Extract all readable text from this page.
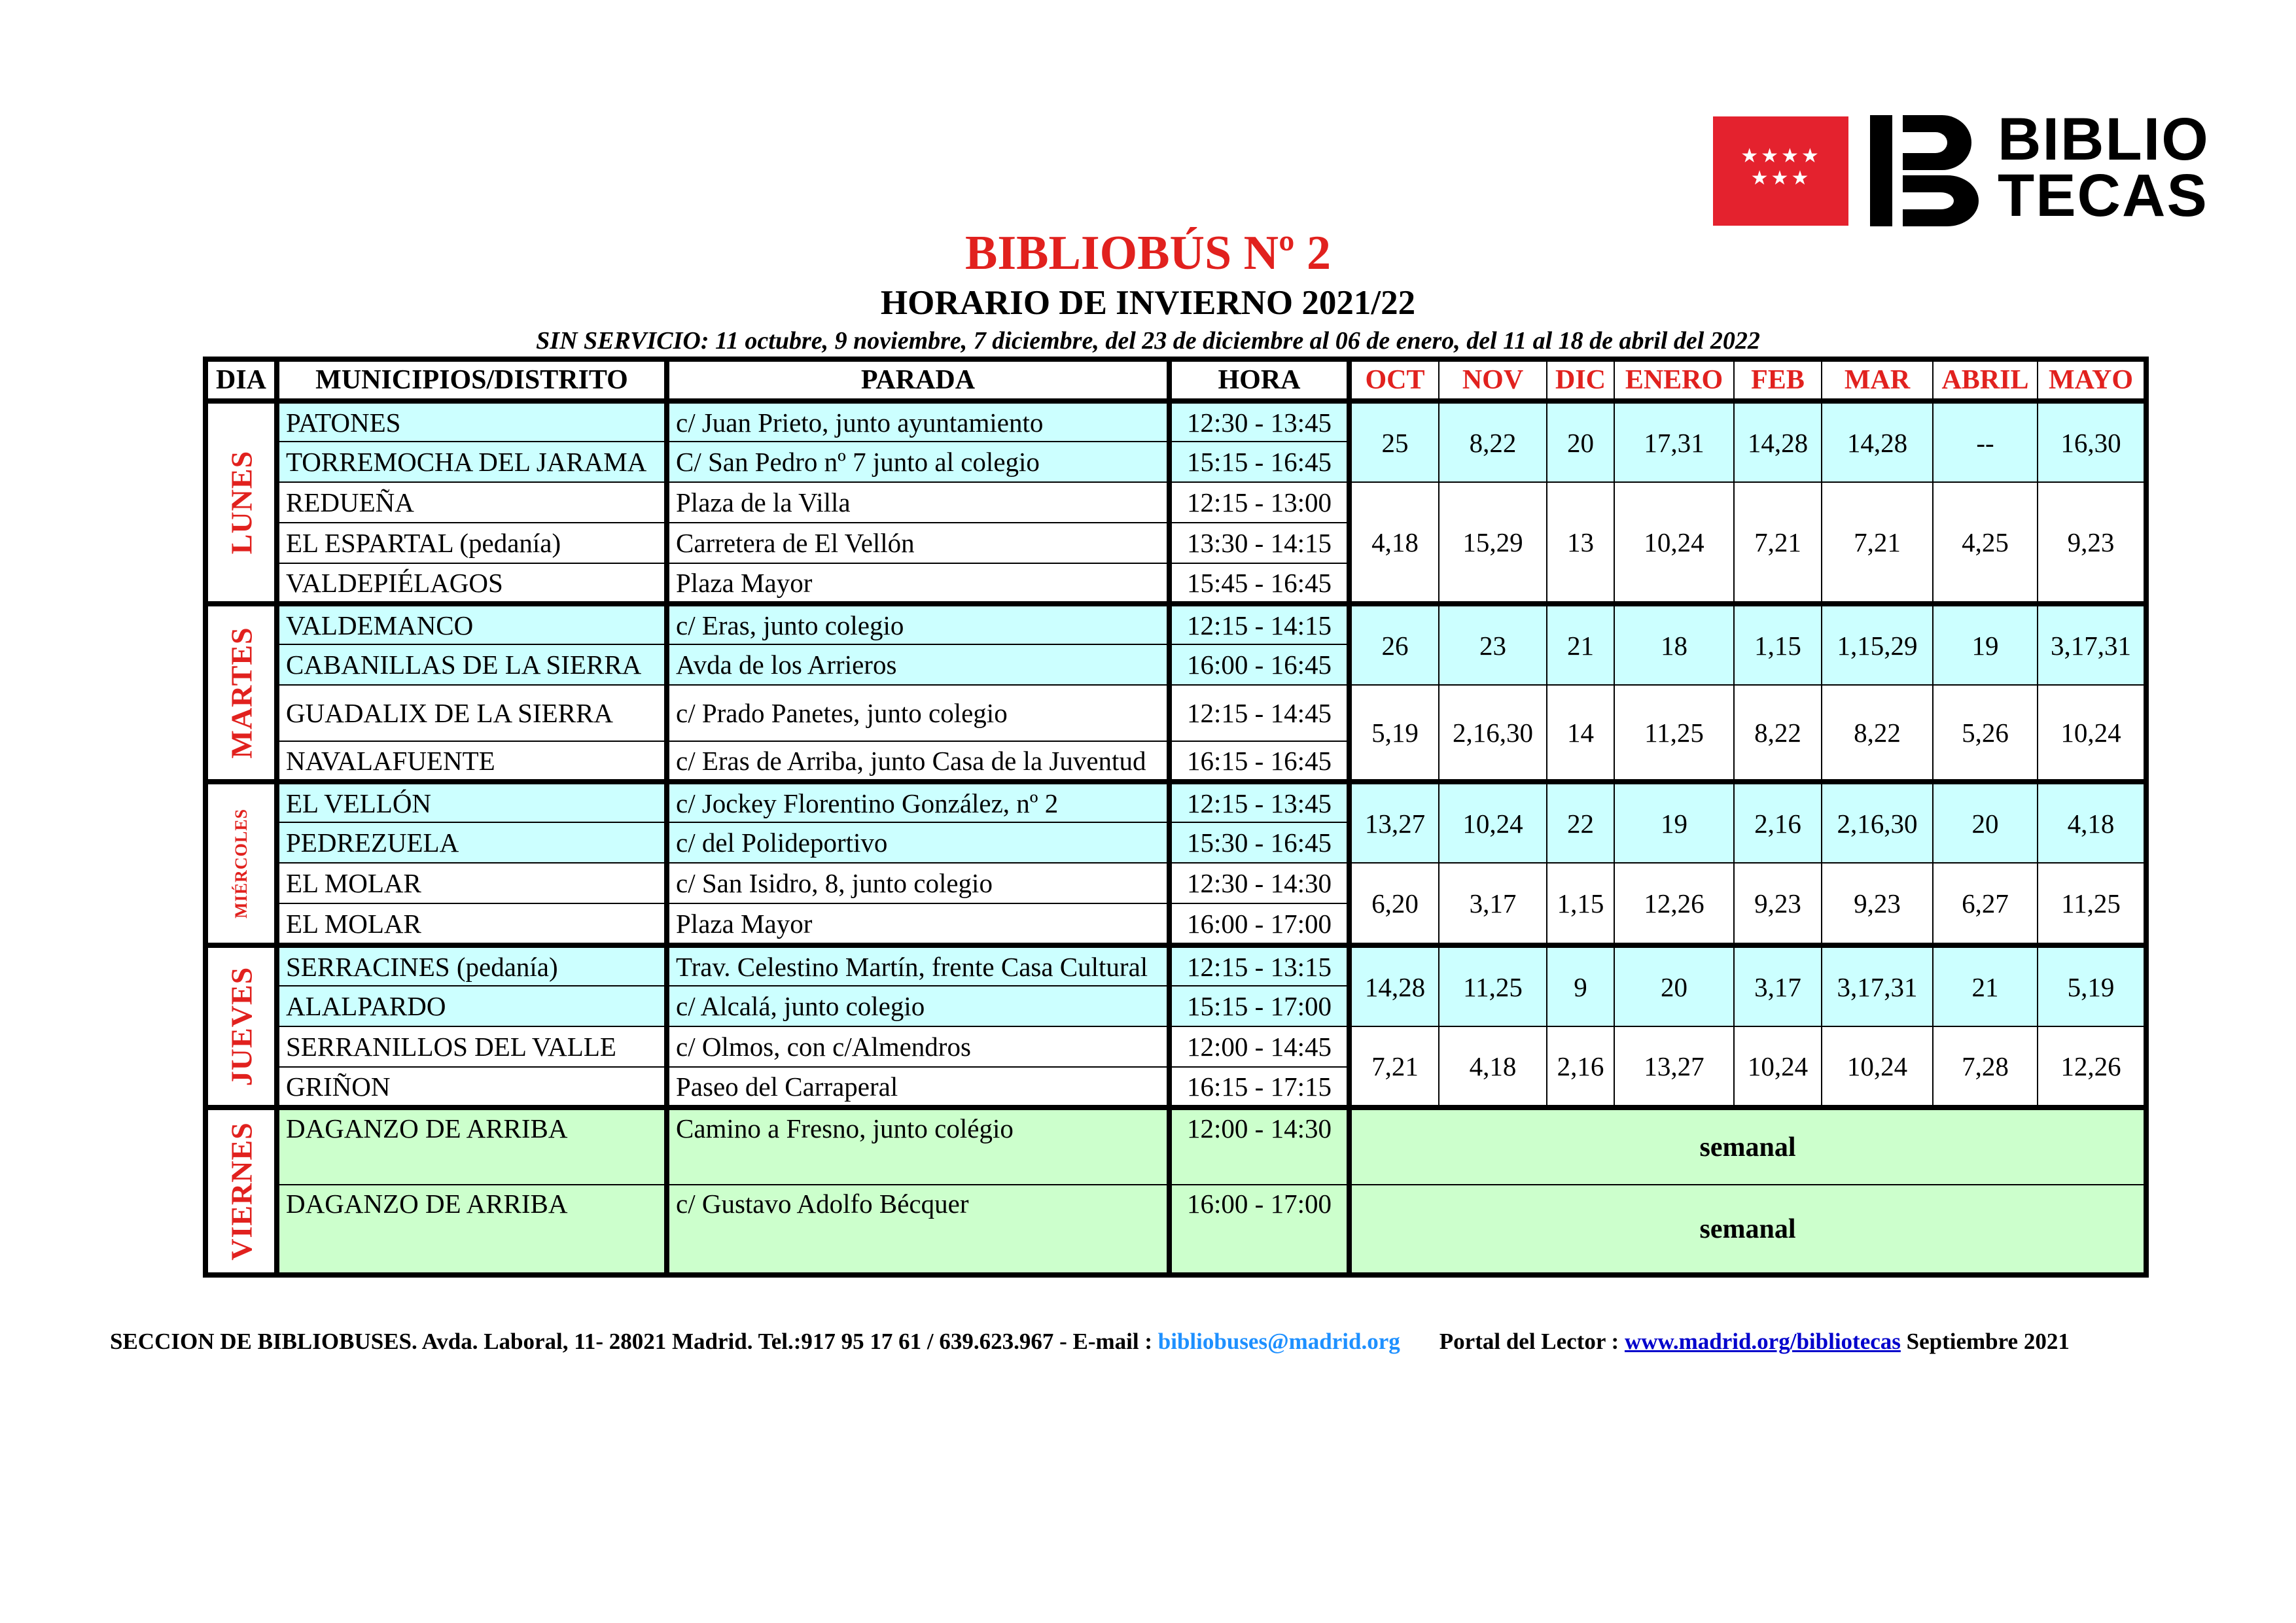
★★★★
★★★
BIBLIO
TECAS
BIBLIOBÚS Nº 2
HORARIO DE INVIERNO 2021/22
SIN SERVICIO: 11 octubre, 9 noviembre, 7 diciembre, del 23 de diciembre al 06 de enero, del 11 al 18 de abril del 2022
DIA	MUNICIPIOS/DISTRITO	PARADA	HORA	OCT	NOV	DIC	ENERO	FEB	MAR	ABRIL	MAYO

LUNES	PATONES	c/ Juan Prieto, junto ayuntamiento	12:30 - 13:45	25	8,22	20	17,31	14,28	14,28	--	16,30
	TORREMOCHA DEL JARAMA	C/ San Pedro nº 7 junto al colegio	15:15 - 16:45								
	REDUEÑA	Plaza de la Villa	12:15 - 13:00	4,18	15,29	13	10,24	7,21	7,21	4,25	9,23
	EL ESPARTAL (pedanía)	Carretera de El Vellón	13:30 - 14:15								
	VALDEPIÉLAGOS	Plaza Mayor	15:45 - 16:45								

MARTES	VALDEMANCO	c/ Eras, junto colegio	12:15 - 14:15	26	23	21	18	1,15	1,15,29	19	3,17,31
	CABANILLAS DE LA SIERRA	Avda de los Arrieros	16:00 - 16:45								
	GUADALIX DE LA SIERRA	c/ Prado Panetes, junto colegio	12:15 - 14:45	5,19	2,16,30	14	11,25	8,22	8,22	5,26	10,24
	NAVALAFUENTE	c/ Eras de Arriba, junto Casa de la Juventud	16:15 - 16:45								

MIÉRCOLES	EL VELLÓN	c/ Jockey Florentino González, nº 2	12:15 - 13:45	13,27	10,24	22	19	2,16	2,16,30	20	4,18
	PEDREZUELA	c/ del Polideportivo	15:30 - 16:45								
	EL MOLAR	c/ San Isidro, 8, junto colegio	12:30 - 14:30	6,20	3,17	1,15	12,26	9,23	9,23	6,27	11,25
	EL MOLAR	Plaza Mayor	16:00 - 17:00								

JUEVES	SERRACINES (pedanía)	Trav. Celestino Martín, frente Casa Cultural	12:15 - 13:15	14,28	11,25	9	20	3,17	3,17,31	21	5,19
	ALALPARDO	c/ Alcalá, junto colegio	15:15 - 17:00								
	SERRANILLOS DEL VALLE	c/ Olmos, con c/Almendros	12:00 - 14:45	7,21	4,18	2,16	13,27	10,24	10,24	7,28	12,26
	GRIÑON	Paseo del Carraperal	16:15 - 17:15								

VIERNES	DAGANZO DE ARRIBA	Camino a Fresno, junto colégio	12:00 - 14:30	semanal							
	DAGANZO DE ARRIBA	c/ Gustavo Adolfo Bécquer	16:00 - 17:00	semanal							
SECCION DE BIBLIOBUSES. Avda. Laboral, 11- 28021 Madrid. Tel.:917 95 17 61 / 639.623.967 - E-mail : bibliobuses@madrid.org Portal del Lector : www.madrid.org/bibliotecas Septiembre 2021
